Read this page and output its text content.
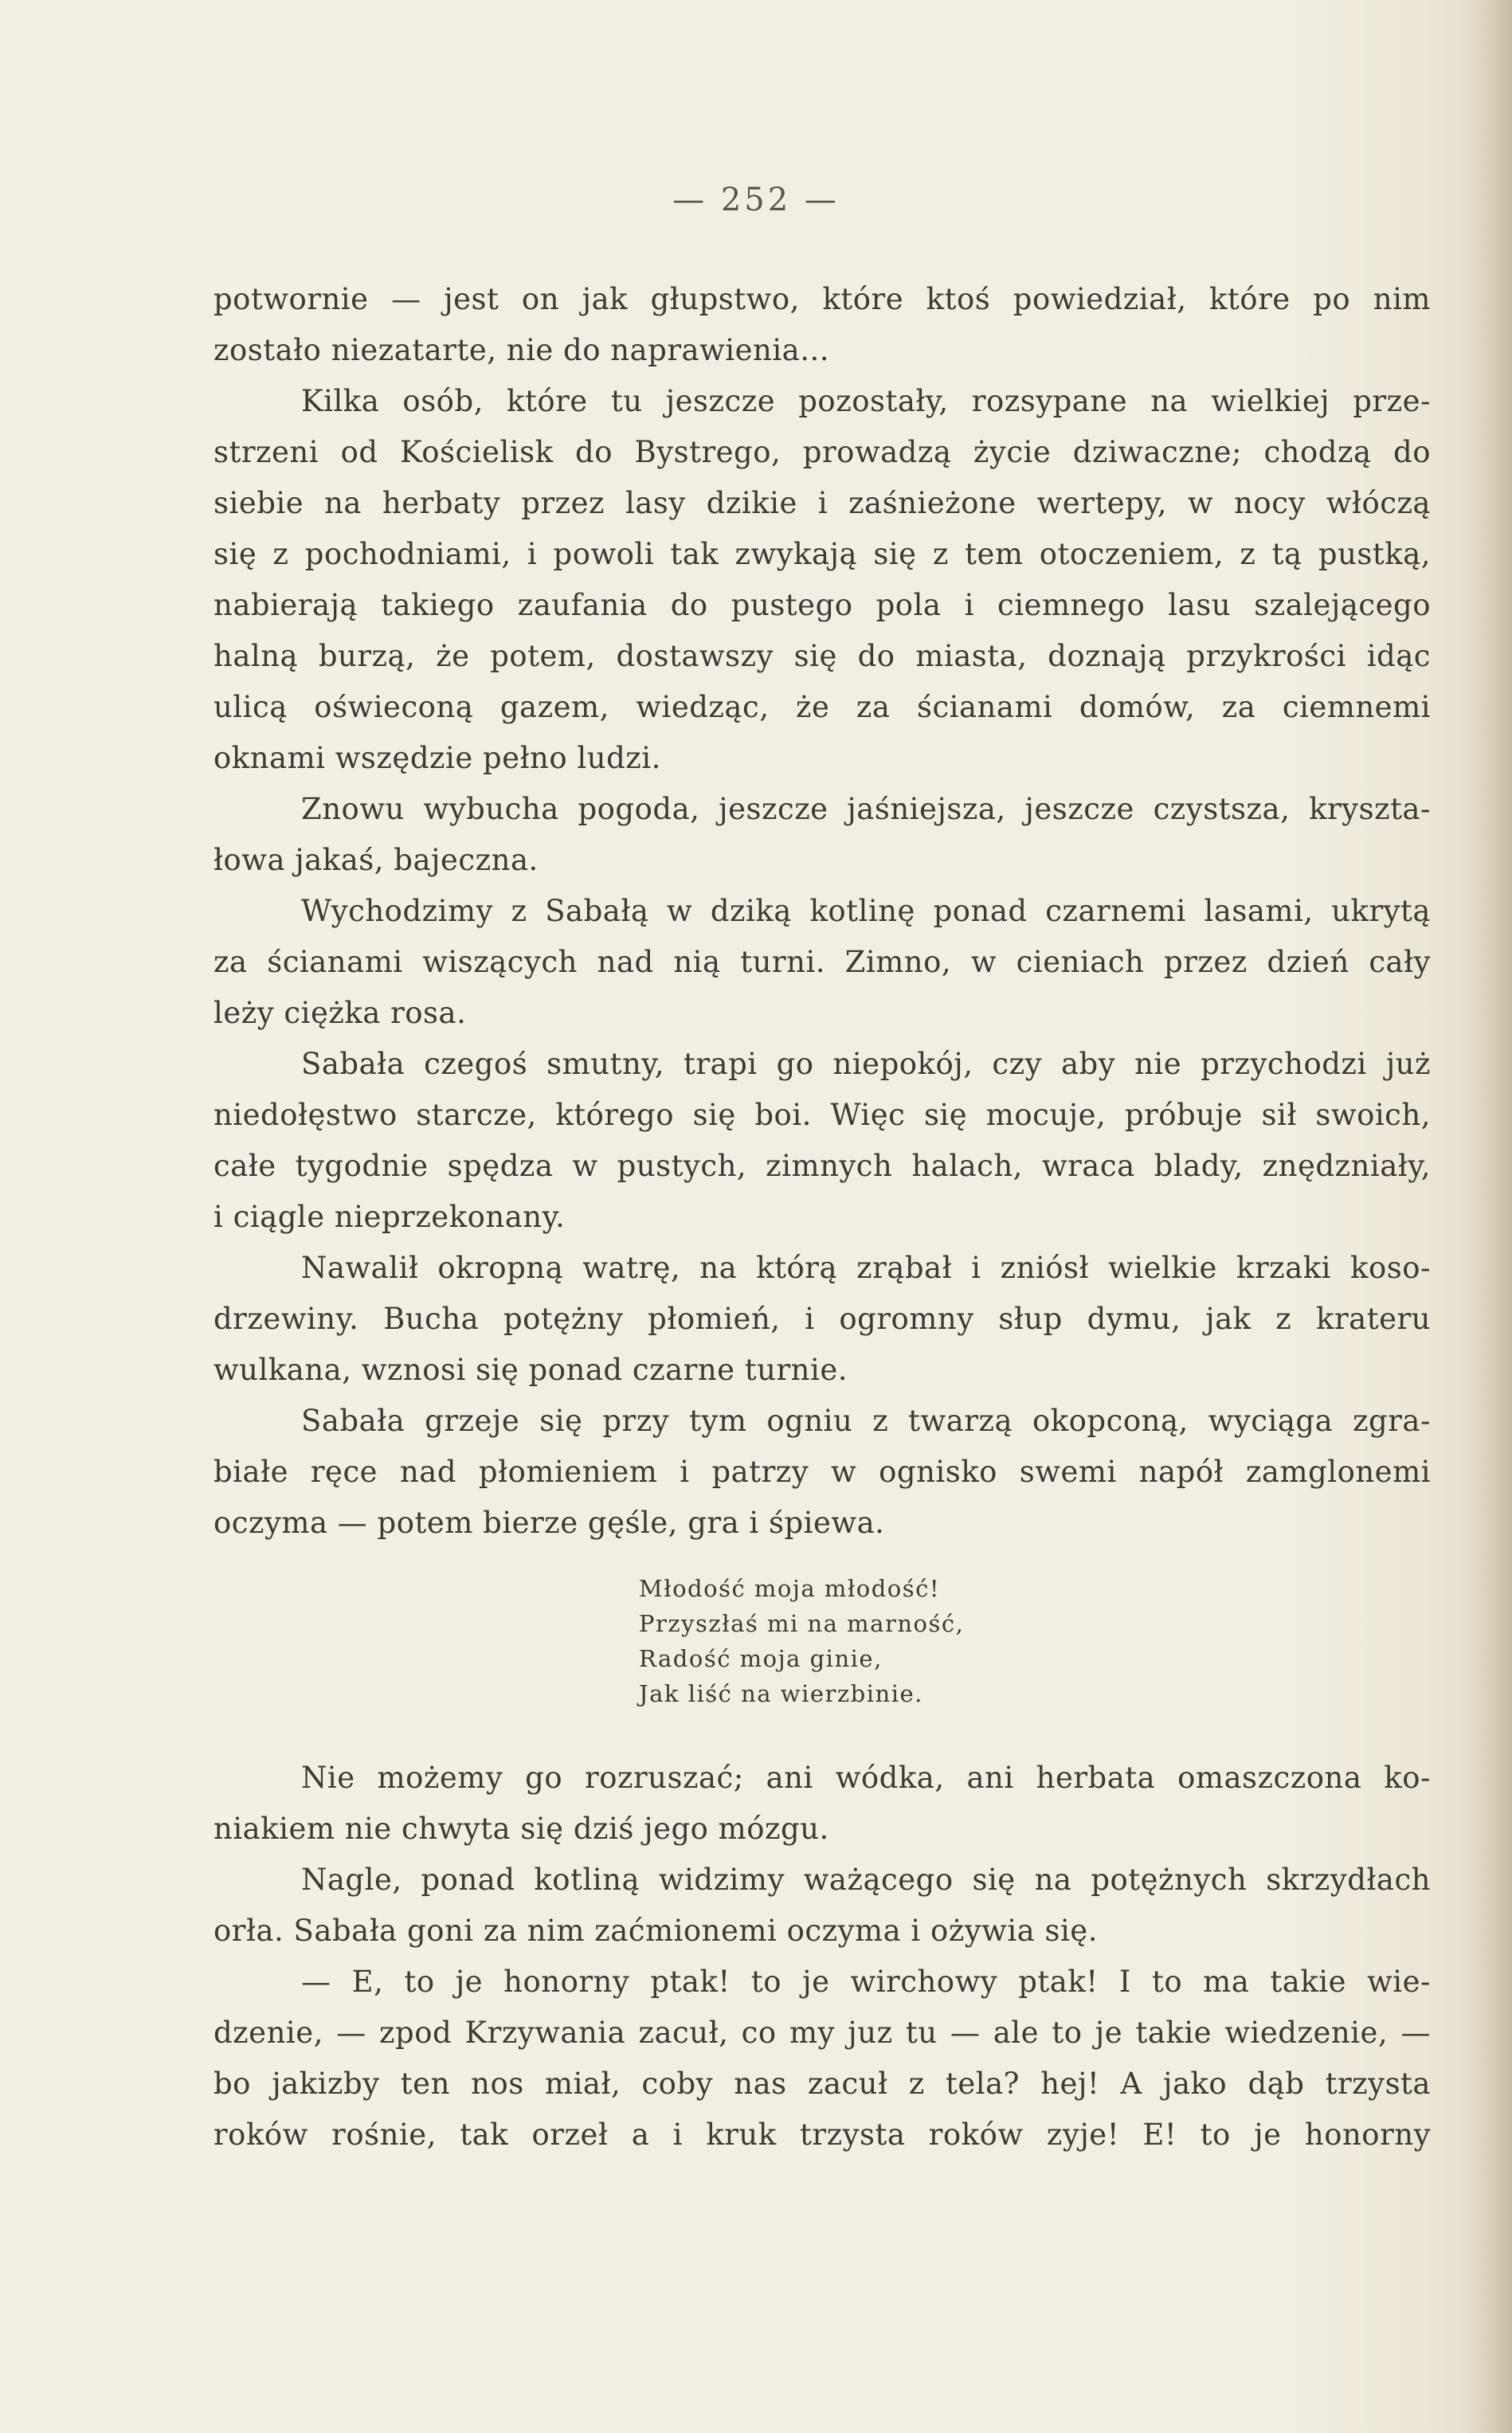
— 252 —
potwornie — jest on jak głupstwo, które ktoś powiedział, które po nim
zostało niezatarte, nie do naprawienia...
Kilka osób, które tu jeszcze pozostały, rozsypane na wielkiej prze-
strzeni od Kościelisk do Bystrego, prowadzą życie dziwaczne; chodzą do
siebie na herbaty przez lasy dzikie i zaśnieżone wertepy, w nocy włóczą
się z pochodniami, i powoli tak zwykają się z tem otoczeniem, z tą pustką,
nabierają takiego zaufania do pustego pola i ciemnego lasu szalejącego
halną burzą, że potem, dostawszy się do miasta, doznają przykrości idąc
ulicą oświeconą gazem, wiedząc, że za ścianami domów, za ciemnemi
oknami wszędzie pełno ludzi.
Znowu wybucha pogoda, jeszcze jaśniejsza, jeszcze czystsza, kryszta-
łowa jakaś, bajeczna.
Wychodzimy z Sabałą w dziką kotlinę ponad czarnemi lasami, ukrytą
za ścianami wiszących nad nią turni. Zimno, w cieniach przez dzień cały
leży ciężka rosa.
Sabała czegoś smutny, trapi go niepokój, czy aby nie przychodzi już
niedołęstwo starcze, którego się boi. Więc się mocuje, próbuje sił swoich,
całe tygodnie spędza w pustych, zimnych halach, wraca blady, znędzniały,
i ciągle nieprzekonany.
Nawalił okropną watrę, na którą zrąbał i zniósł wielkie krzaki koso-
drzewiny. Bucha potężny płomień, i ogromny słup dymu, jak z krateru
wulkana, wznosi się ponad czarne turnie.
Sabała grzeje się przy tym ogniu z twarzą okopconą, wyciąga zgra-
białe ręce nad płomieniem i patrzy w ognisko swemi napół zamglonemi
oczyma — potem bierze gęśle, gra i śpiewa.
Młodość moja młodość!
Przyszłaś mi na marność,
Radość moja ginie,
Jak liść na wierzbinie.
Nie możemy go rozruszać; ani wódka, ani herbata omaszczona ko-
niakiem nie chwyta się dziś jego mózgu.
Nagle, ponad kotliną widzimy ważącego się na potężnych skrzydłach
orła. Sabała goni za nim zaćmionemi oczyma i ożywia się.
— E, to je honorny ptak! to je wirchowy ptak! I to ma takie wie-
dzenie, — zpod Krzywania zacuł, co my juz tu — ale to je takie wiedzenie, —
bo jakizby ten nos miał, coby nas zacuł z tela? hej! A jako dąb trzysta
roków rośnie, tak orzeł a i kruk trzysta roków zyje! E! to je honorny
